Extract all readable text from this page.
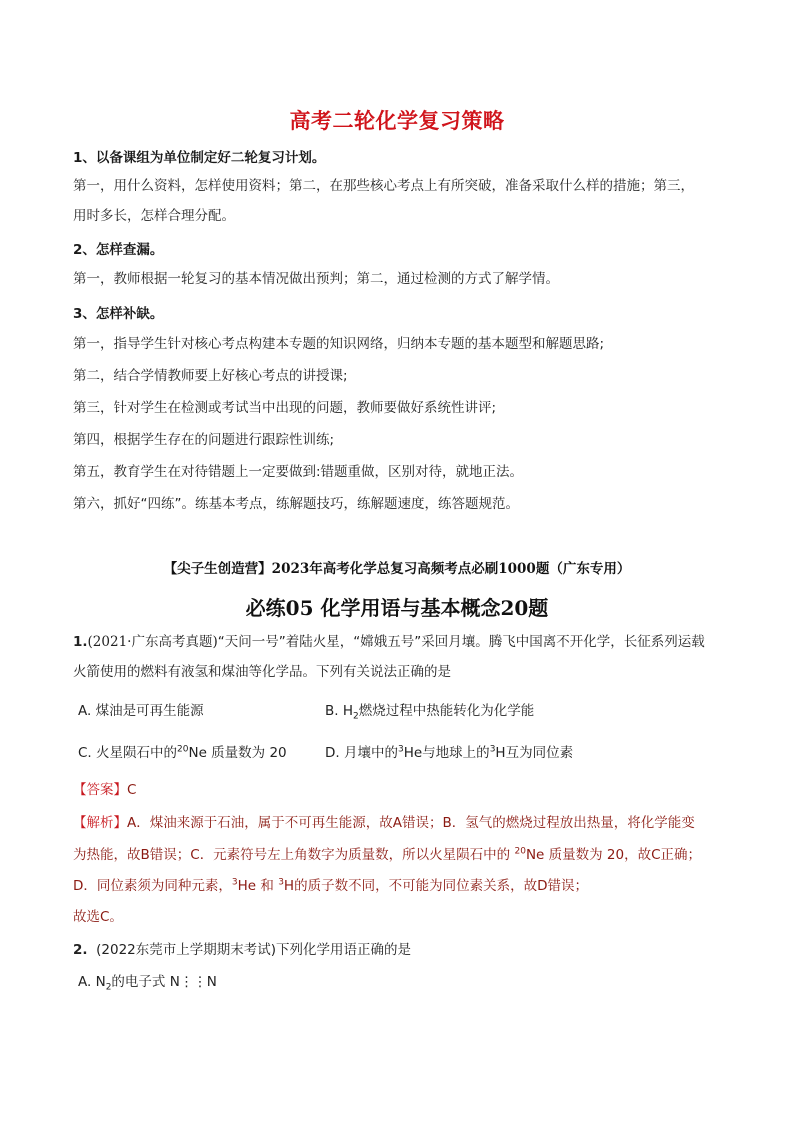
高考二轮化学复习策略
1、以备课组为单位制定好二轮复习计划。
第一，用什么资料，怎样使用资料；第二，在那些核心考点上有所突破，准备采取什么样的措施；第三，
用时多长，怎样合理分配。
2、怎样查漏。
第一，教师根据一轮复习的基本情况做出预判；第二，通过检测的方式了解学情。
3、怎样补缺。
第一，指导学生针对核心考点构建本专题的知识网络，归纳本专题的基本题型和解题思路;
第二，结合学情教师要上好核心考点的讲授课;
第三，针对学生在检测或考试当中出现的问题，教师要做好系统性讲评;
第四，根据学生存在的问题进行跟踪性训练;
第五，教育学生在对待错题上一定要做到:错题重做，区别对待，就地正法。
第六，抓好“四练”。练基本考点，练解题技巧，练解题速度，练答题规范。
【尖子生创造营】2023年高考化学总复习高频考点必刷1000题（广东专用）
必练05 化学用语与基本概念20题
1.(2021·广东高考真题)“天问一号”着陆火星，“嫦娥五号”采回月壤。腾飞中国离不开化学，长征系列运载
火箭使用的燃料有液氢和煤油等化学品。下列有关说法正确的是
A. 煤油是可再生能源	B. $H_2$燃烧过程中热能转化为化学能
C. 火星陨石中的$^{20}$Ne 质量数为 20	D. 月壤中的$^3$He与地球上的$^3$H互为同位素
【答案】C
【解析】A．煤油来源于石油，属于不可再生能源，故A错误；B．氢气的燃烧过程放出热量，将化学能变
为热能，故B错误；C．元素符号左上角数字为质量数，所以火星陨石中的 $^{20}$Ne 质量数为 20，故C正确；
D．同位素须为同种元素，$^3$He 和 $^3$H的质子数不同，不可能为同位素关系，故D错误；
故选C。
2. (2022东莞市上学期期末考试)下列化学用语正确的是
A. $N_2$的电子式 N⋮⋮N
